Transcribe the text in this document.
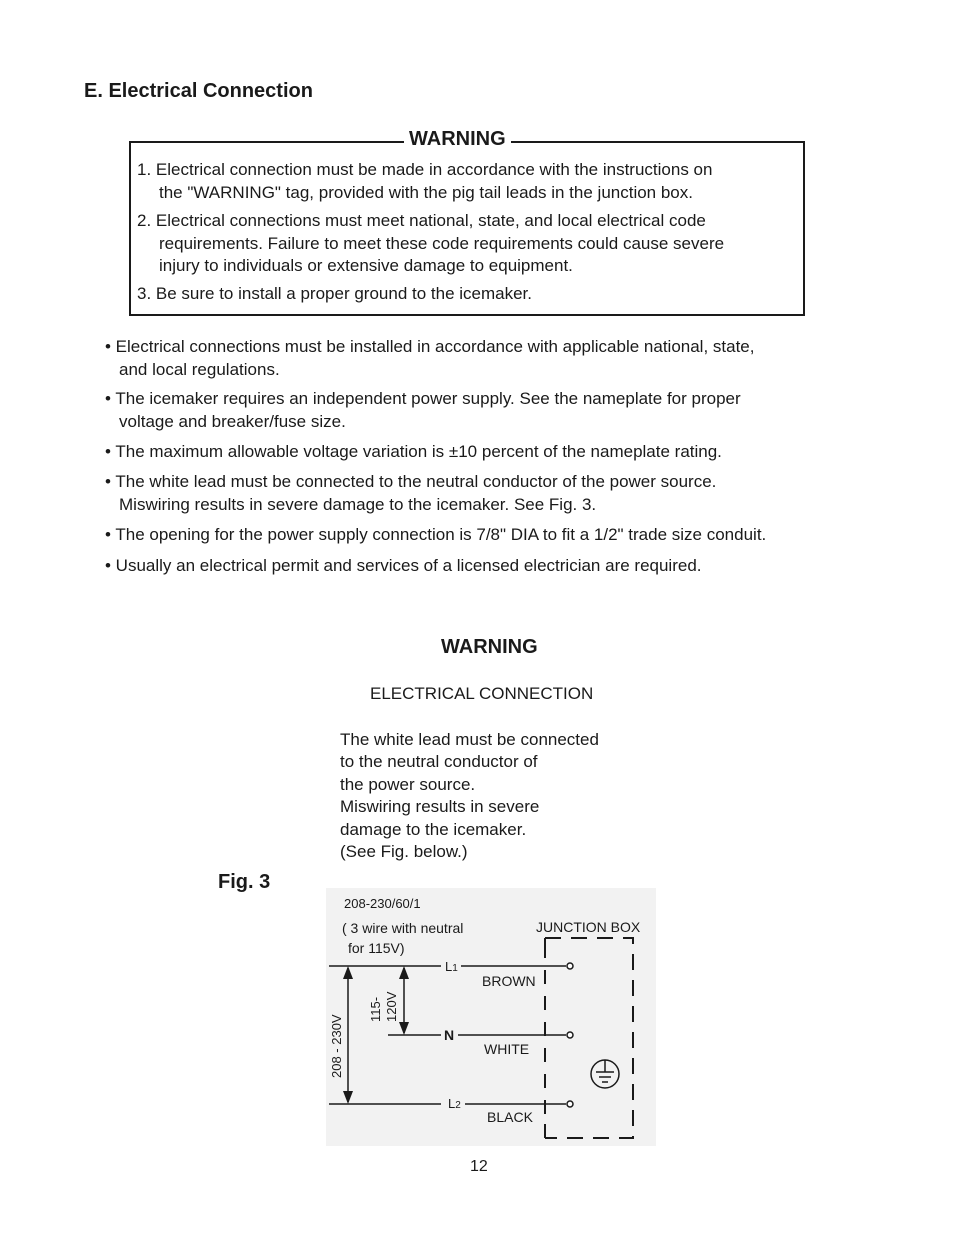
E. Electrical Connection
WARNING
1. Electrical connection must be made in accordance with the instructions on
the "WARNING" tag, provided with the pig tail leads in the junction box.
2. Electrical connections must meet national, state, and local electrical code
requirements. Failure to meet these code requirements could cause severe
injury to individuals or extensive damage to equipment.
3. Be sure to install a proper ground to the icemaker.
• Electrical connections must be installed in accordance with applicable national, state,
and local regulations.
• The icemaker requires an independent power supply. See the nameplate for proper
voltage and breaker/fuse size.
• The maximum allowable voltage variation is ±10 percent of the nameplate rating.
• The white lead must be connected to the neutral conductor of the power source.
Miswiring results in severe damage to the icemaker. See Fig. 3.
• The opening for the power supply connection is 7/8" DIA to fit a 1/2" trade size conduit.
• Usually an electrical permit and services of a licensed electrician are required.
WARNING
ELECTRICAL CONNECTION
The white lead must be connected
to the neutral conductor of
the power source.
Miswiring results in severe
damage to the icemaker.
(See Fig. below.)
Fig. 3
208-230/60/1
( 3 wire with neutral
for 115V)
JUNCTION BOX
L1
BROWN
N
WHITE
L2
BLACK
208 - 230V
115- 120V
12
